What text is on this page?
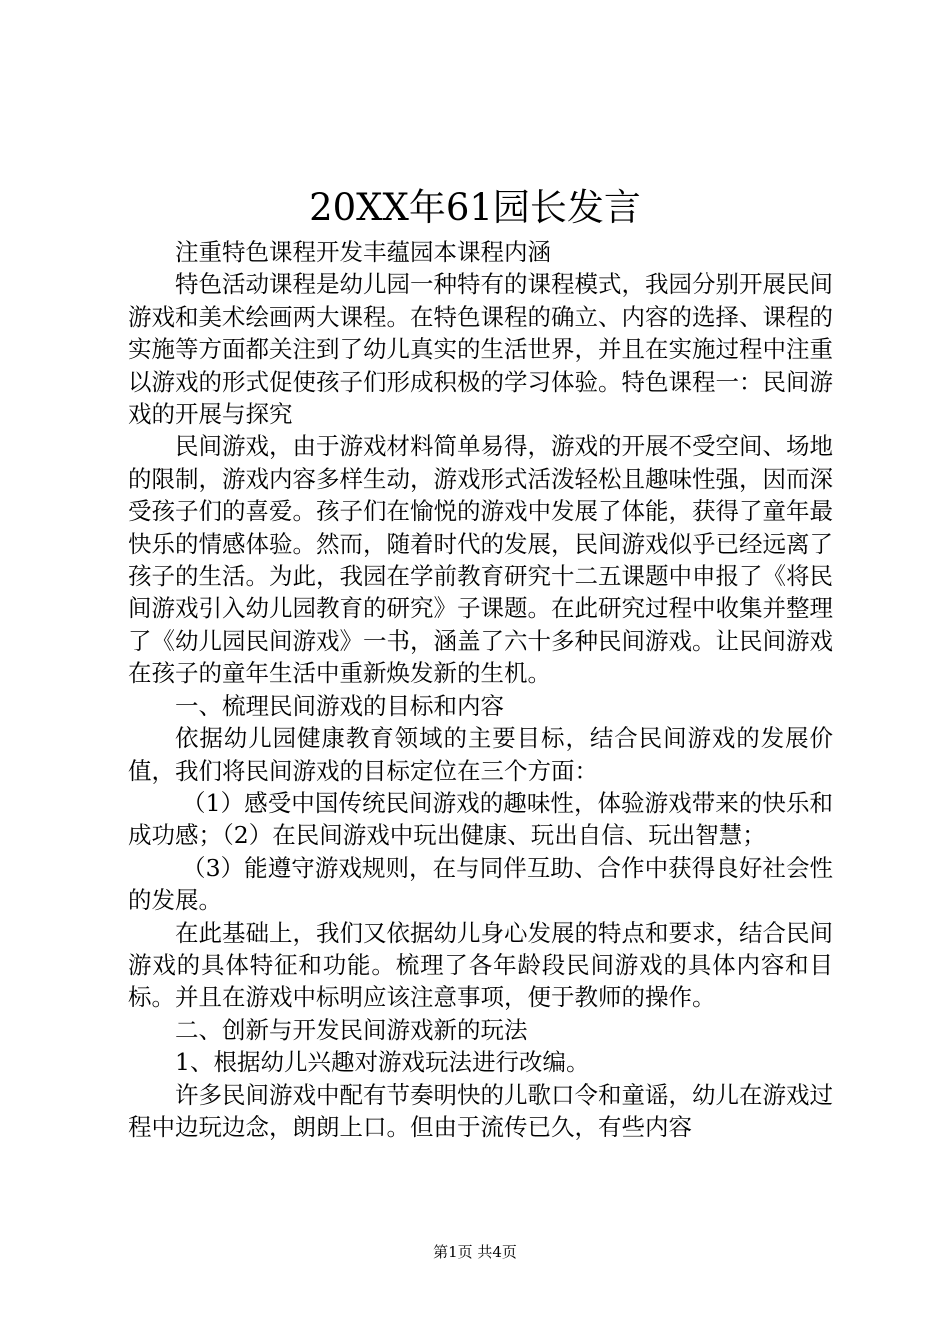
20XX年61园长发言

注重特色课程开发丰蕴园本课程内涵

特色活动课程是幼儿园一种特有的课程模式，我园分别开展民间游戏和美术绘画两大课程。在特色课程的确立、内容的选择、课程的实施等方面都关注到了幼儿真实的生活世界，并且在实施过程中注重以游戏的形式促使孩子们形成积极的学习体验。特色课程一：民间游戏的开展与探究

民间游戏，由于游戏材料简单易得，游戏的开展不受空间、场地的限制，游戏内容多样生动，游戏形式活泼轻松且趣味性强，因而深受孩子们的喜爱。孩子们在愉悦的游戏中发展了体能，获得了童年最快乐的情感体验。然而，随着时代的发展，民间游戏似乎已经远离了孩子的生活。为此，我园在学前教育研究十二五课题中申报了《将民间游戏引入幼儿园教育的研究》子课题。在此研究过程中收集并整理了《幼儿园民间游戏》一书，涵盖了六十多种民间游戏。让民间游戏在孩子的童年生活中重新焕发新的生机。

一、梳理民间游戏的目标和内容

依据幼儿园健康教育领域的主要目标，结合民间游戏的发展价值，我们将民间游戏的目标定位在三个方面：

（1）感受中国传统民间游戏的趣味性，体验游戏带来的快乐和成功感；（2）在民间游戏中玩出健康、玩出自信、玩出智慧；

（3）能遵守游戏规则，在与同伴互助、合作中获得良好社会性的发展。

在此基础上，我们又依据幼儿身心发展的特点和要求，结合民间游戏的具体特征和功能。梳理了各年龄段民间游戏的具体内容和目标。并且在游戏中标明应该注意事项，便于教师的操作。

二、创新与开发民间游戏新的玩法

1、根据幼儿兴趣对游戏玩法进行改编。

许多民间游戏中配有节奏明快的儿歌口令和童谣，幼儿在游戏过程中边玩边念，朗朗上口。但由于流传已久，有些内容

第1页 共4页
